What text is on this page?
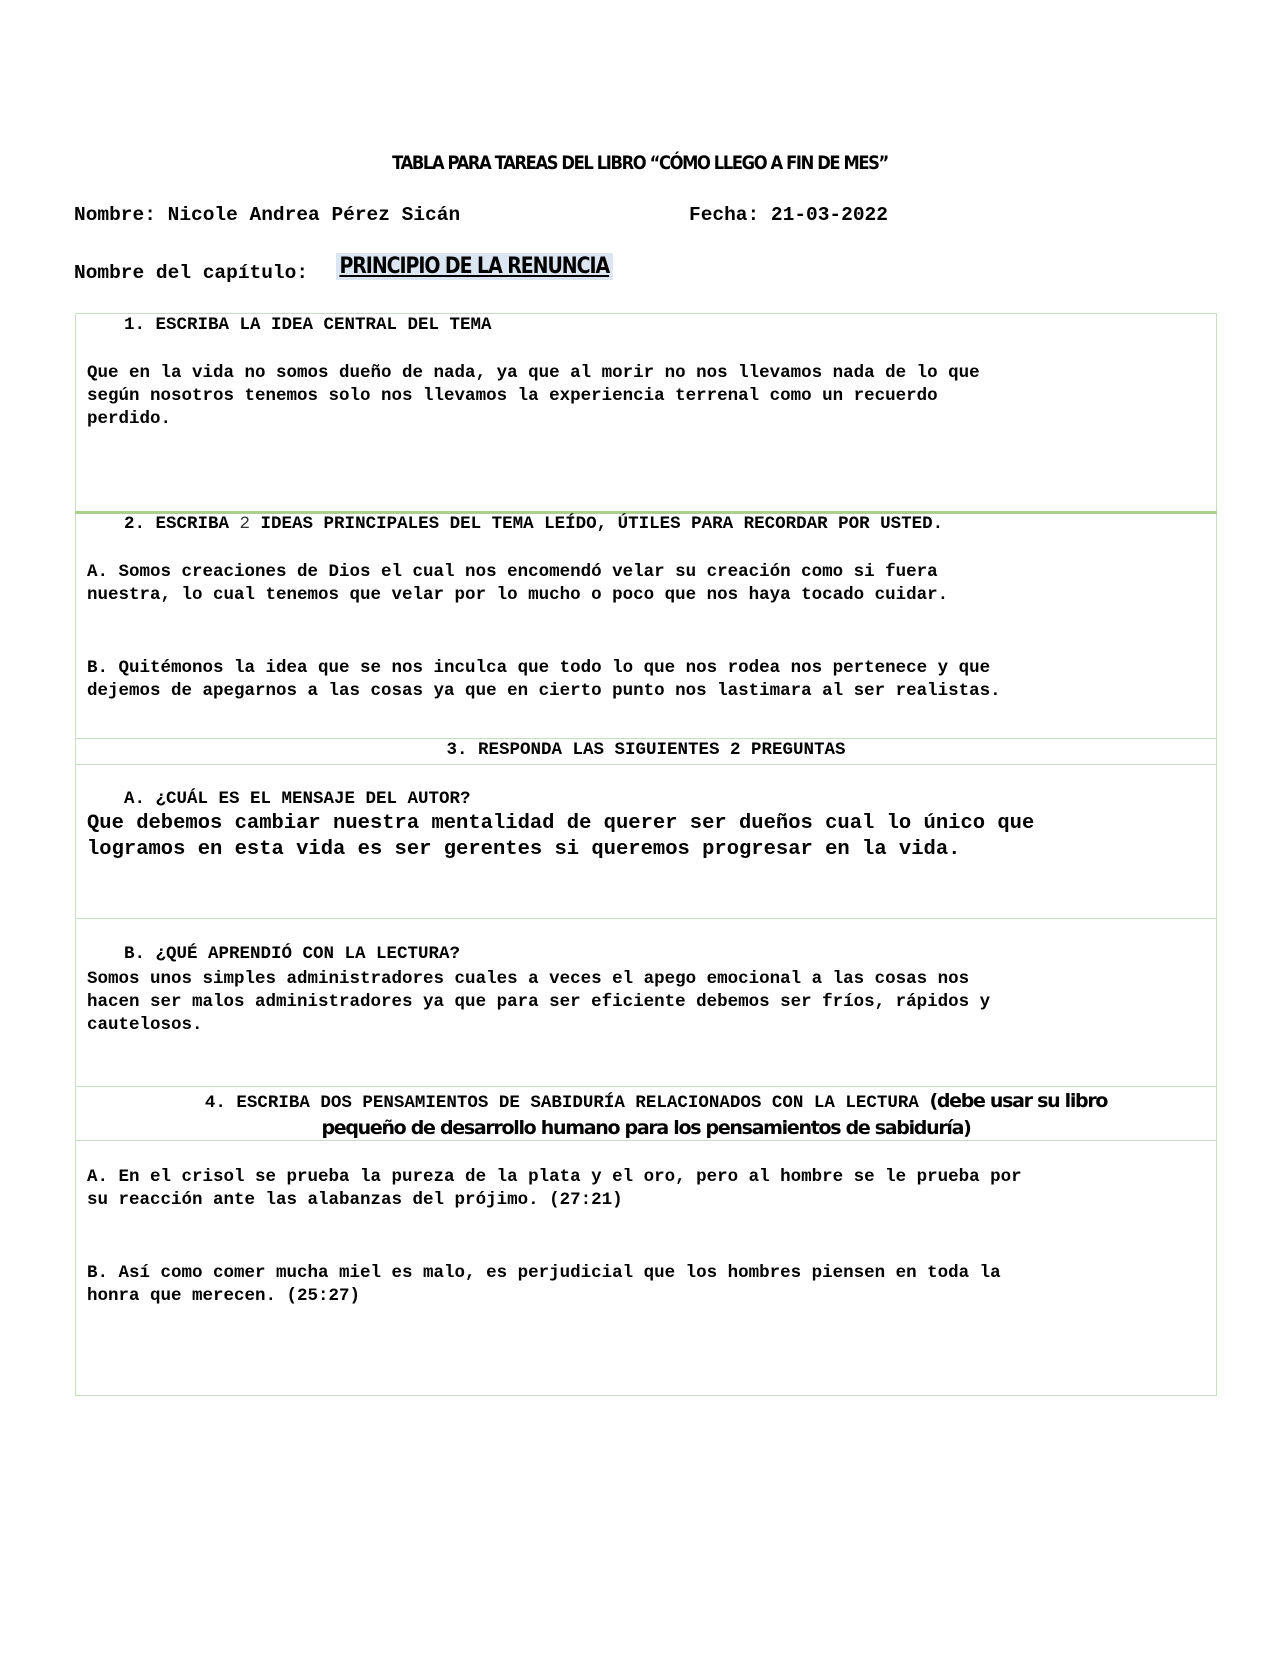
TABLA PARA TAREAS DEL LIBRO “CÓMO LLEGO A FIN DE MES”
Nombre: Nicole Andrea Pérez Sicán	Fecha: 21-03-2022
Nombre del capítulo: PRINCIPIO DE LA RENUNCIA
1. ESCRIBA LA IDEA CENTRAL DEL TEMA
Que en la vida no somos dueño de nada, ya que al morir no nos llevamos nada de lo que
según nosotros tenemos solo nos llevamos la experiencia terrenal como un recuerdo
perdido.
2. ESCRIBA 2 IDEAS PRINCIPALES DEL TEMA LEÍDO, ÚTILES PARA RECORDAR POR USTED.
A. Somos creaciones de Dios el cual nos encomendó velar su creación como si fuera
nuestra, lo cual tenemos que velar por lo mucho o poco que nos haya tocado cuidar.
B. Quitémonos la idea que se nos inculca que todo lo que nos rodea nos pertenece y que
dejemos de apegarnos a las cosas ya que en cierto punto nos lastimara al ser realistas.
3. RESPONDA LAS SIGUIENTES 2 PREGUNTAS
A. ¿CUÁL ES EL MENSAJE DEL AUTOR?
Que debemos cambiar nuestra mentalidad de querer ser dueños cual lo único que
logramos en esta vida es ser gerentes si queremos progresar en la vida.
B. ¿QUÉ APRENDIÓ CON LA LECTURA?
Somos unos simples administradores cuales a veces el apego emocional a las cosas nos
hacen ser malos administradores ya que para ser eficiente debemos ser fríos, rápidos y
cautelosos.
4. ESCRIBA DOS PENSAMIENTOS DE SABIDURÍA RELACIONADOS CON LA LECTURA (debe usar su libro
pequeño de desarrollo humano para los pensamientos de sabiduría)
A. En el crisol se prueba la pureza de la plata y el oro, pero al hombre se le prueba por
su reacción ante las alabanzas del prójimo. (27:21)
B. Así como comer mucha miel es malo, es perjudicial que los hombres piensen en toda la
honra que merecen. (25:27)
